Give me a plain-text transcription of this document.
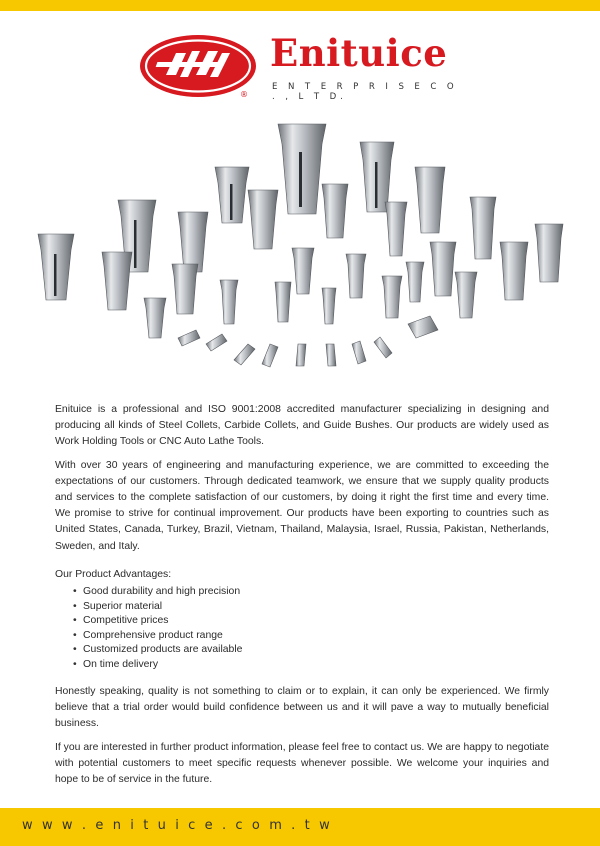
®
Enituice
E N T E R P R I S E C O . , L T D.

Enituice is a professional and ISO 9001:2008 accredited manufacturer specializing in designing and producing all kinds of Steel Collets, Carbide Collets, and Guide Bushes. Our products are widely used as Work Holding Tools or CNC Auto Lathe Tools.

With over 30 years of engineering and manufacturing experience, we are committed to exceeding the expectations of our customers. Through dedicated teamwork, we ensure that we supply quality products and services to the complete satisfaction of our customers, by doing it right the first time and every time. We promise to strive for continual improvement. Our products have been exporting to countries such as United States, Canada, Turkey, Brazil, Vietnam, Thailand, Malaysia, Israel, Russia, Pakistan, Netherlands, Sweden, and Italy.

Our Product Advantages:

• Good durability and high precision
• Superior material
• Competitive prices
• Comprehensive product range
• Customized products are available
• On time delivery

Honestly speaking, quality is not something to claim or to explain, it can only be experienced. We firmly believe that a trial order would build confidence between us and it will pave a way to mutually beneficial business.

If you are interested in further product information, please feel free to contact us. We are happy to negotiate with potential customers to meet specific requests whenever possible. We welcome your inquiries and hope to be of service in the future.

w w w . e n i t u i c e . c o m . t w
